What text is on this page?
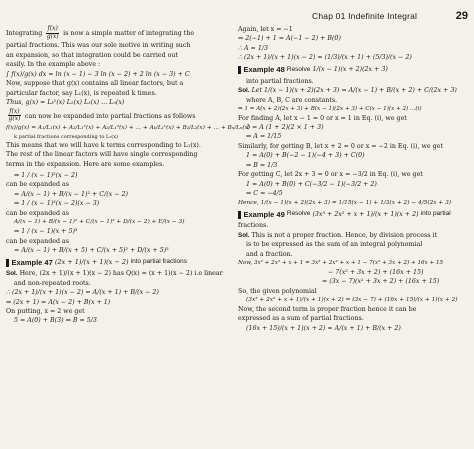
Chap 01 Indefinite Integral	29
Integrating $\frac{f(x)}{g(x)}$ is now a simple matter of integrating the
partial fractions. This was our sole motive in writing such
an expansion, so that integration could be carried out
easily. In the example above :
∫ f(x)/g(x) dx = ln (x − 1) − 3 ln (x − 2) + 2 ln (x − 3) + C
Now, suppose that g(x) contains all linear factors, but a
particular factor, say L₁(x), is repeated k times.
Thus, g(x) = Lₖ¹(x) L₂(x) L₃(x) ... Lₙ(x)
$\frac{f(x)}{g(x)}$ can now be expanded into partial fractions as follows
f(x)/g(x) = A₁/L₁(x) + A₂/L₁²(x) + A₃/L₁³(x) + ... + Aₖ/L₁ᵏ(x) + B₂/L₂(x) + ... + Bₙ/Lₙ(x)
k partial fractions corresponding to L₁(x)
This means that we will have k terms corresponding to L₁(x).
The rest of the linear factors will have single corresponding
terms in the expansion. Here are some examples.
⇒ 1 / (x − 1)²(x − 2)
can be expanded as
= A/(x − 1) + B/(x − 1)² + C/(x − 2)
⇒ 1 / (x − 1)³(x − 2)(x − 3)
can be expanded as
A/(x − 1) + B/(x − 1)² + C/(x − 1)³ + D/(x − 2) + E/(x − 3)
⇒ 1 / (x − 1)(x + 5)³
can be expanded as
= A/(x − 1) + B/(x + 5) + C/(x + 5)² + D/(x + 5)³
Example 47
(2x + 1)/(x + 1)(x − 2)
into partial fractions
Sol. Here, (2x + 1)/(x + 1)(x − 2) has Q(x) = (x + 1)(x − 2) i.e linear
and non-repeated roots.
∴ (2x + 1)/(x + 1)(x − 2) = A/(x + 1) + B/(x − 2)
⇒ (2x + 1) = A(x − 2) + B(x + 1)
On putting, x = 2 we get
5 = A(0) + B(3) ⇒ B = 5/3
Again, let x = −1
⇒ 2(−1) + 1 = A(−1 − 2) + B(0)
∴ A = 1/3
∴ (2x + 1)/(x + 1)(x − 2) = (1/3)/(x + 1) + (5/3)/(x − 2)
Example 48
Resolve
1/(x − 1)(x + 2)(2x + 3)
into partial fractions.
Sol. Let 1/(x − 1)(x + 2)(2x + 3) = A/(x − 1) + B/(x + 2) + C/(2x + 3)
where A, B, C are constants.
⇒ 1 = A(x + 2)(2x + 3) + B(x − 1)(2x + 3) + C(x − 1)(x + 2) ...(i)
For finding A, let x − 1 = 0 or x = 1 in Eq. (i), we get
1 = A (1 + 2)(2 × 1 + 3)
⇒ A = 1/15
Similarly, for getting B, let x + 2 = 0 or x = −2 in Eq. (i), we get
1 = A(0) + B(−2 − 1)(−4 + 3) + C(0)
⇒ B = 1/3
For getting C, let 2x + 3 = 0 or x = −3/2 in Eq. (i), we get
1 = A(0) + B(0) + C(−3/2 − 1)(−3/2 + 2)
⇒ C = −4/5
Hence, 1/(x − 1)(x + 2)(2x + 3) = 1/15(x − 1) + 1/3(x + 2) − 4/5(2x + 3)
Example 49
Resolve
(3x⁵ + 2x² + x + 1)/(x + 1)(x + 2)
into partial
fractions.
Sol. This is not a proper fraction. Hence, by division process it
is to be expressed as the sum of an integral polynomial
and a fraction.
Now, 3x² + 2x² + x + 1 = 3x³ + 2x² + x + 1 − 7(x² + 3x + 2) + 16x + 15
− 7(x² + 3x + 2) + (16x + 15)
= (3x − 7)(x² + 3x + 2) + (16x + 15)
So, the given polynomial
(3x³ + 2x² + x + 1)/(x + 1)(x + 2) = (3x − 7) + (16x + 15)/(x + 1)(x + 2)
Now, the second term is proper fraction hence it can be
expressed as a sum of partial fractions.
(16x + 15)/(x + 1)(x + 2) = A/(x + 1) + B/(x + 2)
